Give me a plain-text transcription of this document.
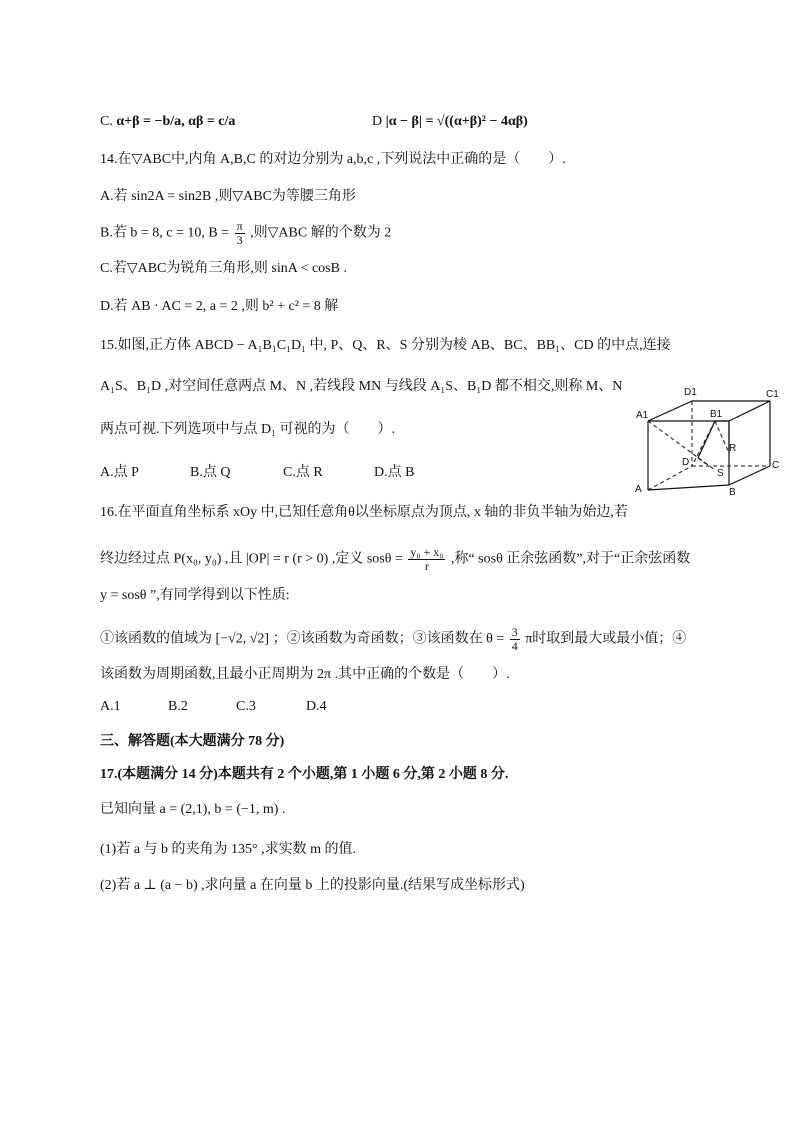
C. α+β = −b/a, αβ = c/a	D |α − β| = √((α+β)² − 4αβ)
14.在▽ABC中,内角 A,B,C 的对边分别为 a,b,c ,下列说法中正确的是（　　）.
A.若 sin2A = sin2B ,则▽ABC为等腰三角形
B.若 b = 8, c = 10, $B = \frac{\pi}{3}$ ,则▽ABC 解的个数为 2
C.若▽ABC为锐角三角形,则 sinA < cosB .
D.若 AB · AC = 2, a = 2 ,则 b² + c² = 8 解
15.如图,正方体 ABCD − A₁B₁C₁D₁ 中, P、Q、R、S 分别为棱 AB、BC、BB₁、CD 的中点,连接
A₁S、B₁D ,对空间任意两点 M、N ,若线段 MN 与线段 A₁S、B₁D 都不相交,则称 M、N
两点可视.下列选项中与点 D₁ 可视的为（　　）.
A.点 P	B.点 Q	C.点 R	D.点 B
D1	C1
A1	B1
R
D
S
C
A	B
16.在平面直角坐标系 xOy 中,已知任意角θ以坐标原点为顶点, x 轴的非负半轴为始边,若
终边经过点 P(x₀, y₀) ,且 |OP| = r (r > 0) ,定义 $sos\theta = \frac{\text{y₀ + x₀}}{r}$ ,称“ sosθ 正余弦函数”,对于“正余弦函数
y = sosθ ”,有同学得到以下性质:
①该函数的值域为 [−√2, √2] ；②该函数为奇函数；③该函数在 $\theta = \frac{3}{4}$ π时取到最大或最小值；④
该函数为周期函数,且最小正周期为 2π .其中正确的个数是（　　）.
A.1	B.2	C.3	D.4
三、解答题(本大题满分 78 分)
17.(本题满分 14 分)本题共有 2 个小题,第 1 小题 6 分,第 2 小题 8 分.
已知向量 a = (2,1), b = (−1, m) .
(1)若 a 与 b 的夹角为 135° ,求实数 m 的值.
(2)若 a ⊥ (a − b) ,求向量 a 在向量 b 上的投影向量.(结果写成坐标形式)
